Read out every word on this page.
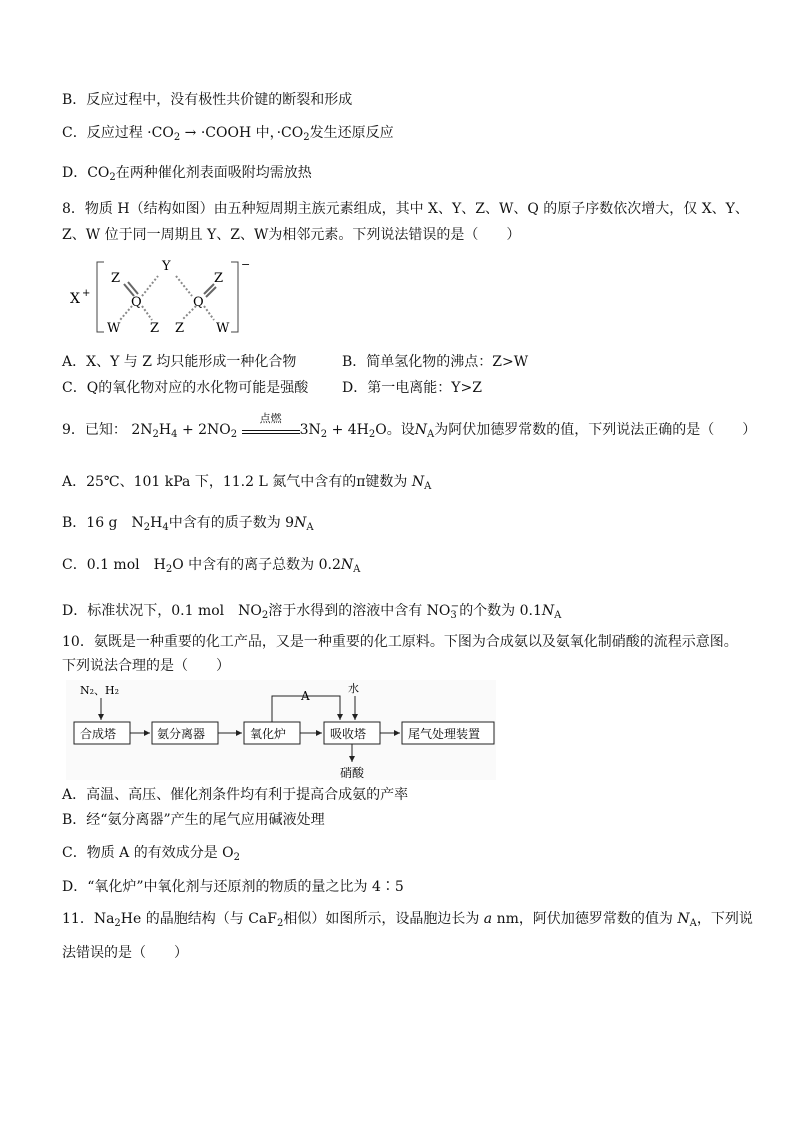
B．反应过程中，没有极性共价键的断裂和形成
C．反应过程 $\cdot CO_2$ → ·COOH 中，$\cdot CO_2$发生还原反应
D．$CO_2$在两种催化剂表面吸附均需放热
8．物质 H（结构如图）由五种短周期主族元素组成，其中 X、Y、Z、W、Q 的原子序数依次增大，仅 X、Y、
Z、W 位于同一周期且 Y、Z、W为相邻元素。下列说法错误的是（　　）
X +
−
Y
Z
Q	Q
Z
W Z Z W
A．X、Y 与 Z 均只能形成一种化合物	B．简单氢化物的沸点：Z>W
C．Q的氧化物对应的水化物可能是强酸 D．第一电离能：Y>Z
9．已知： $2N_2H_4 + 2NO_2$
点燃
$3N_2 + 4H_2O$。设$N_A$为阿伏加德罗常数的值，下列说法正确的是（　　）
A．25℃、101 kPa 下，11.2 L 氮气中含有的π键数为 $N_A$
B．16 g　$N_2H_4$中含有的质子数为 $9N_A$
C．0.1 mol　$H_2O$ 中含有的离子总数为 $0.2N_A$
D．标准状况下，0.1 mol　$NO_2$溶于水得到的溶液中含有 $NO_3^-$的个数为 $0.1N_A$
10．氨既是一种重要的化工产品，又是一种重要的化工原料。下图为合成氨以及氨氧化制硝酸的流程示意图。
下列说法合理的是（　　）
N₂、H₂
合成塔	氨分离器	氧化炉	吸收塔	尾气处理装置
A
水
硝酸
A．高温、高压、催化剂条件均有利于提高合成氨的产率
B．经“氨分离器”产生的尾气应用碱液处理
C．物质 A 的有效成分是 $O_2$
D．“氧化炉”中氧化剂与还原剂的物质的量之比为 4∶5
11．$Na_2He$ 的晶胞结构（与 CaF$_2$相似）如图所示，设晶胞边长为 a nm，阿伏加德罗常数的值为 $N_A$，下列说
法错误的是（　　）
